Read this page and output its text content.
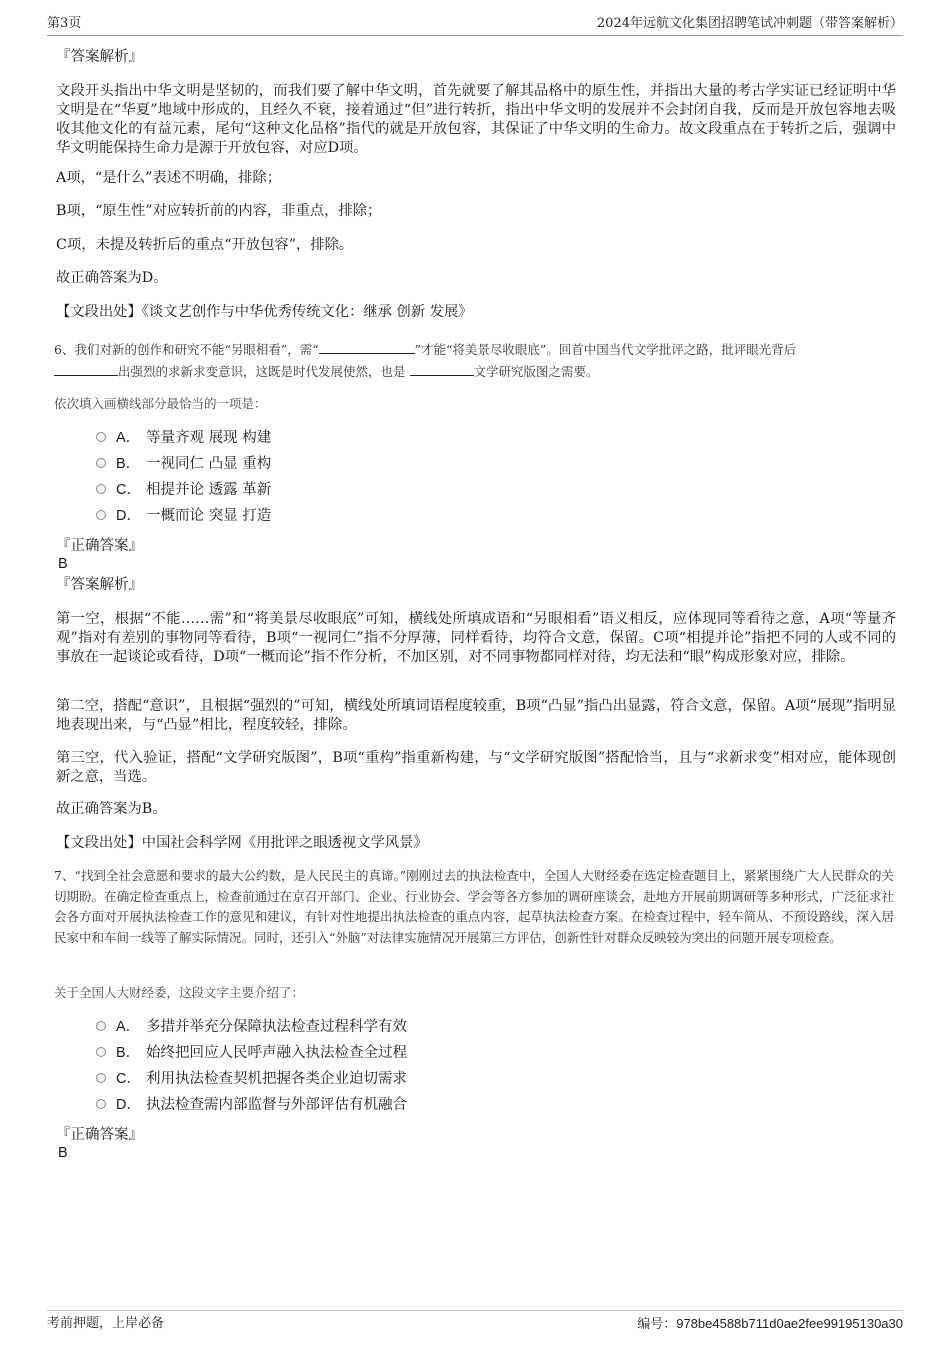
第3页	2024年远航文化集团招聘笔试冲刺题（带答案解析）

『答案解析』

文段开头指出中华文明是坚韧的，而我们要了解中华文明，首先就要了解其品格中的原生性，并指出大量的考古学实证已经证明中华文明是在“华夏”地域中形成的，且经久不衰，接着通过“但”进行转折，指出中华文明的发展并不会封闭自我，反而是开放包容地去吸收其他文化的有益元素，尾句“这种文化品格”指代的就是开放包容，其保证了中华文明的生命力。故文段重点在于转折之后，强调中华文明能保持生命力是源于开放包容，对应D项。

A项，“是什么”表述不明确，排除；

B项，“原生性”对应转折前的内容，非重点，排除；

C项，未提及转折后的重点“开放包容”，排除。

故正确答案为D。

【文段出处】《谈文艺创作与中华优秀传统文化：继承 创新 发展》

6、我们对新的创作和研究不能“另眼相看”，需“	”才能“将美景尽收眼底”。回首中国当代文学批评之路，批评眼光背后
出强烈的求新求变意识，这既是时代发展使然，也是	文学研究版图之需要。

依次填入画横线部分最恰当的一项是：

A． 等量齐观 展现 构建
B． 一视同仁 凸显 重构
C． 相提并论 透露 革新
D． 一概而论 突显 打造

『正确答案』

B

『答案解析』

第一空，根据“不能……需”和“将美景尽收眼底”可知，横线处所填成语和“另眼相看”语义相反，应体现同等看待之意，A项“等量齐观”指对有差别的事物同等看待，B项“一视同仁”指不分厚薄，同样看待，均符合文意，保留。C项“相提并论”指把不同的人或不同的事放在一起谈论或看待，D项“一概而论”指不作分析，不加区别，对不同事物都同样对待，均无法和“眼”构成形象对应，排除。

第二空，搭配“意识”，且根据“强烈的”可知，横线处所填词语程度较重，B项“凸显”指凸出显露，符合文意，保留。A项“展现”指明显地表现出来，与“凸显”相比，程度较轻，排除。

第三空，代入验证，搭配“文学研究版图”，B项“重构”指重新构建，与“文学研究版图”搭配恰当，且与“求新求变”相对应，能体现创新之意，当选。

故正确答案为B。

【文段出处】中国社会科学网《用批评之眼透视文学风景》

7、“找到全社会意愿和要求的最大公约数，是人民民主的真谛。”刚刚过去的执法检查中，全国人大财经委在选定检查题目上，紧紧围绕广大人民群众的关切期盼。在确定检查重点上，检查前通过在京召开部门、企业、行业协会、学会等各方参加的调研座谈会，赴地方开展前期调研等多种形式，广泛征求社会各方面对开展执法检查工作的意见和建议，有针对性地提出执法检查的重点内容，起草执法检查方案。在检查过程中，轻车简从、不预设路线，深入居民家中和车间一线等了解实际情况。同时，还引入“外脑”对法律实施情况开展第三方评估，创新性针对群众反映较为突出的问题开展专项检查。

关于全国人大财经委，这段文字主要介绍了：

A． 多措并举充分保障执法检查过程科学有效
B． 始终把回应人民呼声融入执法检查全过程
C． 利用执法检查契机把握各类企业迫切需求
D． 执法检查需内部监督与外部评估有机融合

『正确答案』

B

考前押题，上岸必备	编号：978be4588b711d0ae2fee99195130a30
